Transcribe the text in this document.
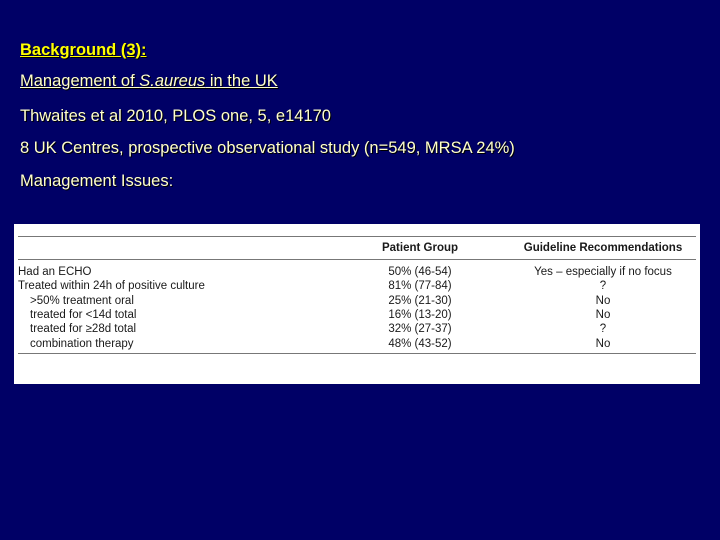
Background (3):
Management of S.aureus in the UK
Thwaites et al 2010, PLOS one, 5, e14170
8 UK Centres, prospective observational study (n=549, MRSA 24%)
Management Issues:
	Patient Group	Guideline Recommendations
Had an ECHO	50% (46-54)	Yes – especially if no focus
Treated within 24h of positive culture	81% (77-84)	?
>50% treatment oral	25% (21-30)	No
treated for <14d total	16% (13-20)	No
treated for ≥28d total	32% (27-37)	?
combination therapy	48% (43-52)	No
